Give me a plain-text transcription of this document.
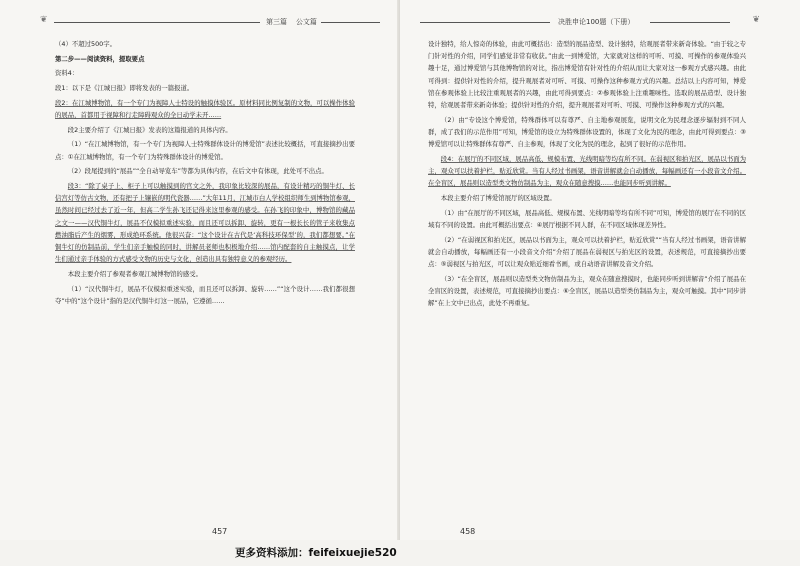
❦	第三篇 公文篇

（4）不超过500字。

第二步——阅读资料，提取要点

资料4：

段1：以下是《江城日报》即将发表的一篇报道。

段2：在江城博物馆，有一个专门为视障人士特设的触摸体验区。原材料同比例复制的文物，可以操作体验的展品，首都用于视障和行走障碍观众的全日动学未开……

段2主要介绍了《江城日报》发表的这篇报道的具体内容。

（1）“在江城博物馆，有一个专门为视障人士特殊群体设计的博爱馆”表述比较概括，可直接摘抄出要点：①在江城博物馆，有一个专门为特殊群体设计的博爱馆。

（2）段尾提到的“展品”“全自动导览车”等都为具体内容，在后文中有体现，此处可不出点。

段3：“除了桌子上、柜子上可以触摸到的官文之外，我印象比较深的展品，有设计精巧的铜牛灯、长信宫灯等仿古文物，还有把子上镶嵌的明代瓷器……”大年11月，江城市白人学校组织师生到博物馆参观，虽然时间已经过去了近一年，但高二学生孙飞还记得来这里参观的感受。在孙飞的印象中，博物馆的藏品之文一——汉代铜牛灯，展品不仅模拟重述实验，而且还可以拆卸、旋转，更有一根长长的管子来收集点燃油脂后产生的烟雾，形成绝环系统。他很兴奋：“这个设计在古代是‘高科技环保型’的，我们都想要。”在铜牛灯的仿制品前，学生们亲手触模的同时，讲解员老师也积极地介绍……馆内配套的自主触摸点，让学生们通过亲手体验的方式感受文物的历史与文化，创造出具有独特意义的参观经历。

本段主要介绍了参观者参观江城博物馆的感受。

（1）“汉代铜牛灯，展品不仅模拟重述实验，而且还可以拆卸、旋转……”“这个设计……我们都很想夺”中的“这个设计”指的是汉代铜牛灯这一展品，它遵循……

457
决胜申论100题（下册）	❦

设计独特，给人惊奇的体验，由此可概括出：造型的展品造型、设计独特，给观展者带来新奇体验。“由于较之专门针对性的介绍，同学们感觉非常有收获。”由此一到博爱馆，大家就对这样的可听、可摸、可操作的参观体验兴趣十足，通过博爱馆与其他博物馆的对比，指出博爱馆有针对性的介绍从而让大家对这一参观方式感兴趣。由此可得到：提供针对性的介绍，提升观展者对可听、可摸、可操作这种参观方式的兴趣。总结以上内容可知，博爱馆在参观体验上比较注重观展者的兴趣，由此可得到要点：②参观体验上注重趣味性。选取的展品造型、设计独特，给观展者带来新奇体验；提供针对性的介绍，提升观展者对可听、可摸、可操作这种参观方式的兴趣。

（2）由“专设这个博爱馆，特殊群体可以有尊严、自主地参观展览，说明文化为民理念逐步辐射到不同人群，成了我们的示范作用”可知，博爱馆的设立为特殊群体设置的，体现了文化为民的理念，由此可得到要点：③博爱馆可以让特殊群体有尊严、自主参观，体现了文化为民的理念，起到了很好的示范作用。

段4：在展厅的不同区域，展品高低、规模布置、光线明暗等均有所不同。在弱视区和拍光区，展品以书面为主，观众可以扶着护栏，贴近欣赏。当有人经过书画架，语音讲解就会自动播放，每幅画还有一小段音文介绍。在全盲区，展品则以造型类文物仿制品为主，观众在随意搜摸……也能同步听到讲解。

本段主要介绍了博爱馆展厅的区域设置。

（1）由“在展厅的不同区域，展品高低、规模布置、光线明暗等均有所不同”可知，博爱馆的展厅在不同的区域有不同的设置。由此可概括出要点：④展厅根据不同人群，在不同区域体现差异性。

（2）“在弱视区和拍光区，展品以书面为主，观众可以扶着护栏，贴近欣赏”“当有人经过书画架，语音讲解就会自动播放，每幅画还有一小段音文介绍”介绍了展品在弱视区与拍光区的设置，表述规范，可直接摘抄出要点：⑤弱视区与拍光区，可以让观众贴近细看书画，或自动语音讲解及音文介绍。

（3）“在全盲区，展品则以造型类文物仿制品为主，观众在随意搜摸时，也能同步听到讲解音”介绍了展品在全盲区的设置，表述规范，可直接摘抄出要点：⑥全盲区，展品以造型类仿制品为主，观众可触摸。其中“同步讲解”在上文中已出点，此处不再重复。

458
更多资料添加：feifeixuejie520
